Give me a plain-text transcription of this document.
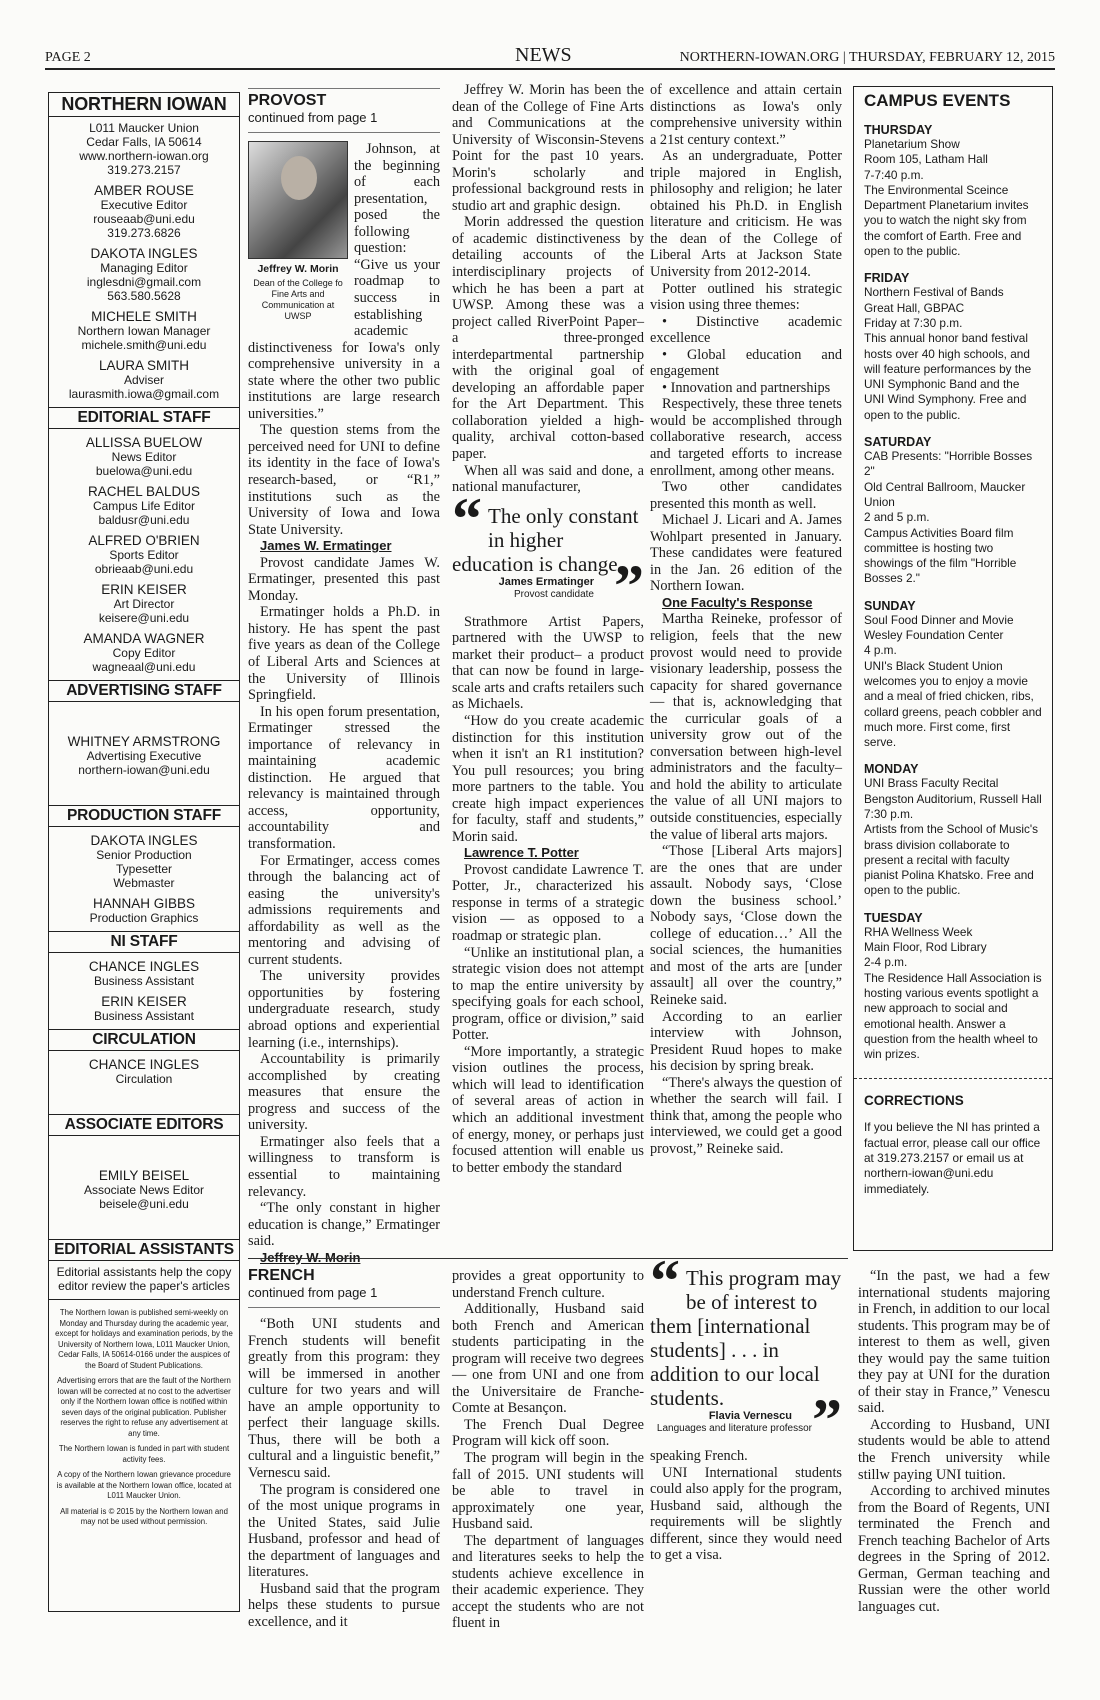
PAGE 2	NEWS	NORTHERN-IOWAN.ORG | THURSDAY, FEBRUARY 12, 2015
NORTHERN IOWAN
L011 Maucker Union
Cedar Falls, IA 50614
www.northern-iowan.org
319.273.2157
AMBER ROUSE
Executive Editor
rouseaab@uni.edu
319.273.6826
DAKOTA INGLES
Managing Editor
inglesdni@gmail.com
563.580.5628
MICHELE SMITH
Northern Iowan Manager
michele.smith@uni.edu
LAURA SMITH
Adviser
laurasmith.iowa@gmail.com
EDITORIAL STAFF
ALLISSA BUELOW
News Editor
buelowa@uni.edu
RACHEL BALDUS
Campus Life Editor
baldusr@uni.edu
ALFRED O'BRIEN
Sports Editor
obrieaab@uni.edu
ERIN KEISER
Art Director
keisere@uni.edu
AMANDA WAGNER
Copy Editor
wagneaal@uni.edu
ADVERTISING STAFF
WHITNEY ARMSTRONG
Advertising Executive
northern-iowan@uni.edu
PRODUCTION STAFF
DAKOTA INGLES
Senior Production
Typesetter
Webmaster
HANNAH GIBBS
Production Graphics
NI STAFF
CHANCE INGLES
Business Assistant
ERIN KEISER
Business Assistant
CIRCULATION
CHANCE INGLES
Circulation
ASSOCIATE EDITORS
EMILY BEISEL
Associate News Editor
beisele@uni.edu
EDITORIAL ASSISTANTS
Editorial assistants help the copy
editor review the paper's articles

The Northern Iowan is published semi-weekly on Monday and Thursday during the academic year, except for holidays and examination periods, by the University of Northern Iowa, L011 Maucker Union, Cedar Falls, IA 50614-0166 under the auspices of the Board of Student Publications.

Advertising errors that are the fault of the Northern Iowan will be corrected at no cost to the advertiser only if the Northern Iowan office is notified within seven days of the original publication. Publisher reserves the right to refuse any advertisement at any time.

The Northern Iowan is funded in part with student activity fees.

A copy of the Northern Iowan grievance procedure is available at the Northern Iowan office, located at L011 Maucker Union.

All material is © 2015 by the Northern Iowan and may not be used without permission.

PROVOST
continued from page 1
Jeffrey W. Morin
Dean of the College fo Fine Arts and Communication at UWSP

Johnson, at the beginning of each presentation, posed the following question: “Give us your roadmap to success in establishing academic distinctiveness for Iowa's only comprehensive university in a state where the other two public institutions are large research universities.”

The question stems from the perceived need for UNI to define its identity in the face of Iowa's research-based, or “R1,” institutions such as the University of Iowa and Iowa State University.

James W. Ermatinger

Provost candidate James W. Ermatinger, presented this past Monday.

Ermatinger holds a Ph.D. in history. He has spent the past five years as dean of the College of Liberal Arts and Sciences at the University of Illinois Springfield.

In his open forum presentation, Ermatinger stressed the importance of relevancy in maintaining academic distinction. He argued that relevancy is maintained through access, opportunity, accountability and transformation.

For Ermatinger, access comes through the balancing act of easing the university's admissions requirements and affordability as well as the mentoring and advising of current students.

The university provides opportunities by fostering undergraduate research, study abroad options and experiential learning (i.e., internships).

Accountability is primarily accomplished by creating measures that ensure the progress and success of the university.

Ermatinger also feels that a willingness to transform is essential to maintaining relevancy.

“The only constant in higher education is change,” Ermatinger said.

Jeffrey W. Morin

Jeffrey W. Morin has been the dean of the College of Fine Arts and Communications at the University of Wisconsin-Stevens Point for the past 10 years. Morin's scholarly and professional background rests in studio art and graphic design.

Morin addressed the question of academic distinctiveness by detailing accounts of the interdisciplinary projects of which he has been a part at UWSP. Among these was a project called RiverPoint Paper– a three-pronged interdepartmental partnership with the original goal of developing an affordable paper for the Art Department. This collaboration yielded a high-quality, archival cotton-based paper.

When all was said and done, a national manufacturer,

“ The only constant in higher education is change.
”
James Ermatinger
Provost candidate

Strathmore Artist Papers, partnered with the UWSP to market their product– a product that can now be found in large-scale arts and crafts retailers such as Michaels.

“How do you create academic distinction for this institution when it isn't an R1 institution? You pull resources; you bring more partners to the table. You create high impact experiences for faculty, staff and students,” Morin said.

Lawrence T. Potter

Provost candidate Lawrence T. Potter, Jr., characterized his response in terms of a strategic vision — as opposed to a roadmap or strategic plan.

“Unlike an institutional plan, a strategic vision does not attempt to map the entire university by specifying goals for each school, program, office or division,” said Potter.

“More importantly, a strategic vision outlines the process, which will lead to identification of several areas of action in which an additional investment of energy, money, or perhaps just focused attention will enable us to better embody the standard

of excellence and attain certain distinctions as Iowa's only comprehensive university within a 21st century context.”

As an undergraduate, Potter triple majored in English, philosophy and religion; he later obtained his Ph.D. in English literature and criticism. He was the dean of the College of Liberal Arts at Jackson State University from 2012-2014.

Potter outlined his strategic vision using three themes:

• Distinctive academic excellence

• Global education and engagement

• Innovation and partnerships

Respectively, these three tenets would be accomplished through collaborative research, access and targeted efforts to increase enrollment, among other means.

Two other candidates presented this month as well.

Michael J. Licari and A. James Wohlpart presented in January. These candidates were featured in the Jan. 26 edition of the Northern Iowan.

One Faculty's Response

Martha Reineke, professor of religion, feels that the new provost would need to provide visionary leadership, possess the capacity for shared governance — that is, acknowledging that the curricular goals of a university grow out of the conversation between high-level administrators and the faculty–and hold the ability to articulate the value of all UNI majors to outside constituencies, especially the value of liberal arts majors.

“Those [Liberal Arts majors] are the ones that are under assault. Nobody says, ‘Close down the business school.’ Nobody says, ‘Close down the college of education…’ All the social sciences, the humanities and most of the arts are [under assault] all over the country,” Reineke said.

According to an earlier interview with Johnson, President Ruud hopes to make his decision by spring break.

“There's always the question of whether the search will fail. I think that, among the people who interviewed, we could get a good provost,” Reineke said.

CAMPUS EVENTS
THURSDAY
Planetarium Show
Room 105, Latham Hall
7-7:40 p.m.
The Environmental Sceince Department Planetarium invites you to watch the night sky from the comfort of Earth. Free and open to the public.
FRIDAY
Northern Festival of Bands
Great Hall, GBPAC
Friday at 7:30 p.m.
This annual honor band festival hosts over 40 high schools, and will feature performances by the UNI Symphonic Band and the UNI Wind Symphony. Free and open to the public.
SATURDAY
CAB Presents: "Horrible Bosses 2"
Old Central Ballroom, Maucker Union
2 and 5 p.m.
Campus Activities Board film committee is hosting two showings of the film "Horrible Bosses 2."
SUNDAY
Soul Food Dinner and Movie
Wesley Foundation Center
4 p.m.
UNI's Black Student Union welcomes you to enjoy a movie and a meal of fried chicken, ribs, collard greens, peach cobbler and much more. First come, first serve.
MONDAY
UNI Brass Faculty Recital
Bengston Auditorium, Russell Hall
7:30 p.m.
Artists from the School of Music's brass division collaborate to present a recital with faculty pianist Polina Khatsko. Free and open to the public.
TUESDAY
RHA Wellness Week
Main Floor, Rod Library
2-4 p.m.
The Residence Hall Association is hosting various events spotlight a new approach to social and emotional health. Answer a question from the health wheel to win prizes.
CORRECTIONS
If you believe the NI has printed a factual error, please call our office at 319.273.2157 or email us at northern-iowan@uni.edu immediately.
FRENCH
continued from page 1

“Both UNI students and French students will benefit greatly from this program: they will be immersed in another culture for two years and will have an ample opportunity to perfect their language skills. Thus, there will be both a cultural and a linguistic benefit,” Vernescu said.

The program is considered one of the most unique programs in the United States, said Julie Husband, professor and head of the department of languages and literatures.

Husband said that the program helps these students to pursue excellence, and it

provides a great opportunity to understand French culture.

Additionally, Husband said both French and American students participating in the program will receive two degrees — one from UNI and one from the Universitaire de Franche- Comte at Besançon.

The French Dual Degree Program will kick off soon.

The program will begin in the fall of 2015. UNI students will be able to travel in approximately one year, Husband said.

The department of languages and literatures seeks to help the students achieve excellence in their academic experience. They accept the students who are not fluent in

“ This program may be of interest to them [international students] . . . in addition to our local students. ”
Flavia Vernescu
Languages and literature professor

speaking French.

UNI International students could also apply for the program, Husband said, although the requirements will be slightly different, since they would need to get a visa.

“In the past, we had a few international students majoring in French, in addition to our local students. This program may be of interest to them as well, given they would pay the same tuition they pay at UNI for the duration of their stay in France,” Venescu said.

According to Husband, UNI students would be able to attend the French university while stillw paying UNI tuition.

According to archived minutes from the Board of Regents, UNI terminated the French and French teaching Bachelor of Arts degrees in the Spring of 2012. German, German teaching and Russian were the other world languages cut.
